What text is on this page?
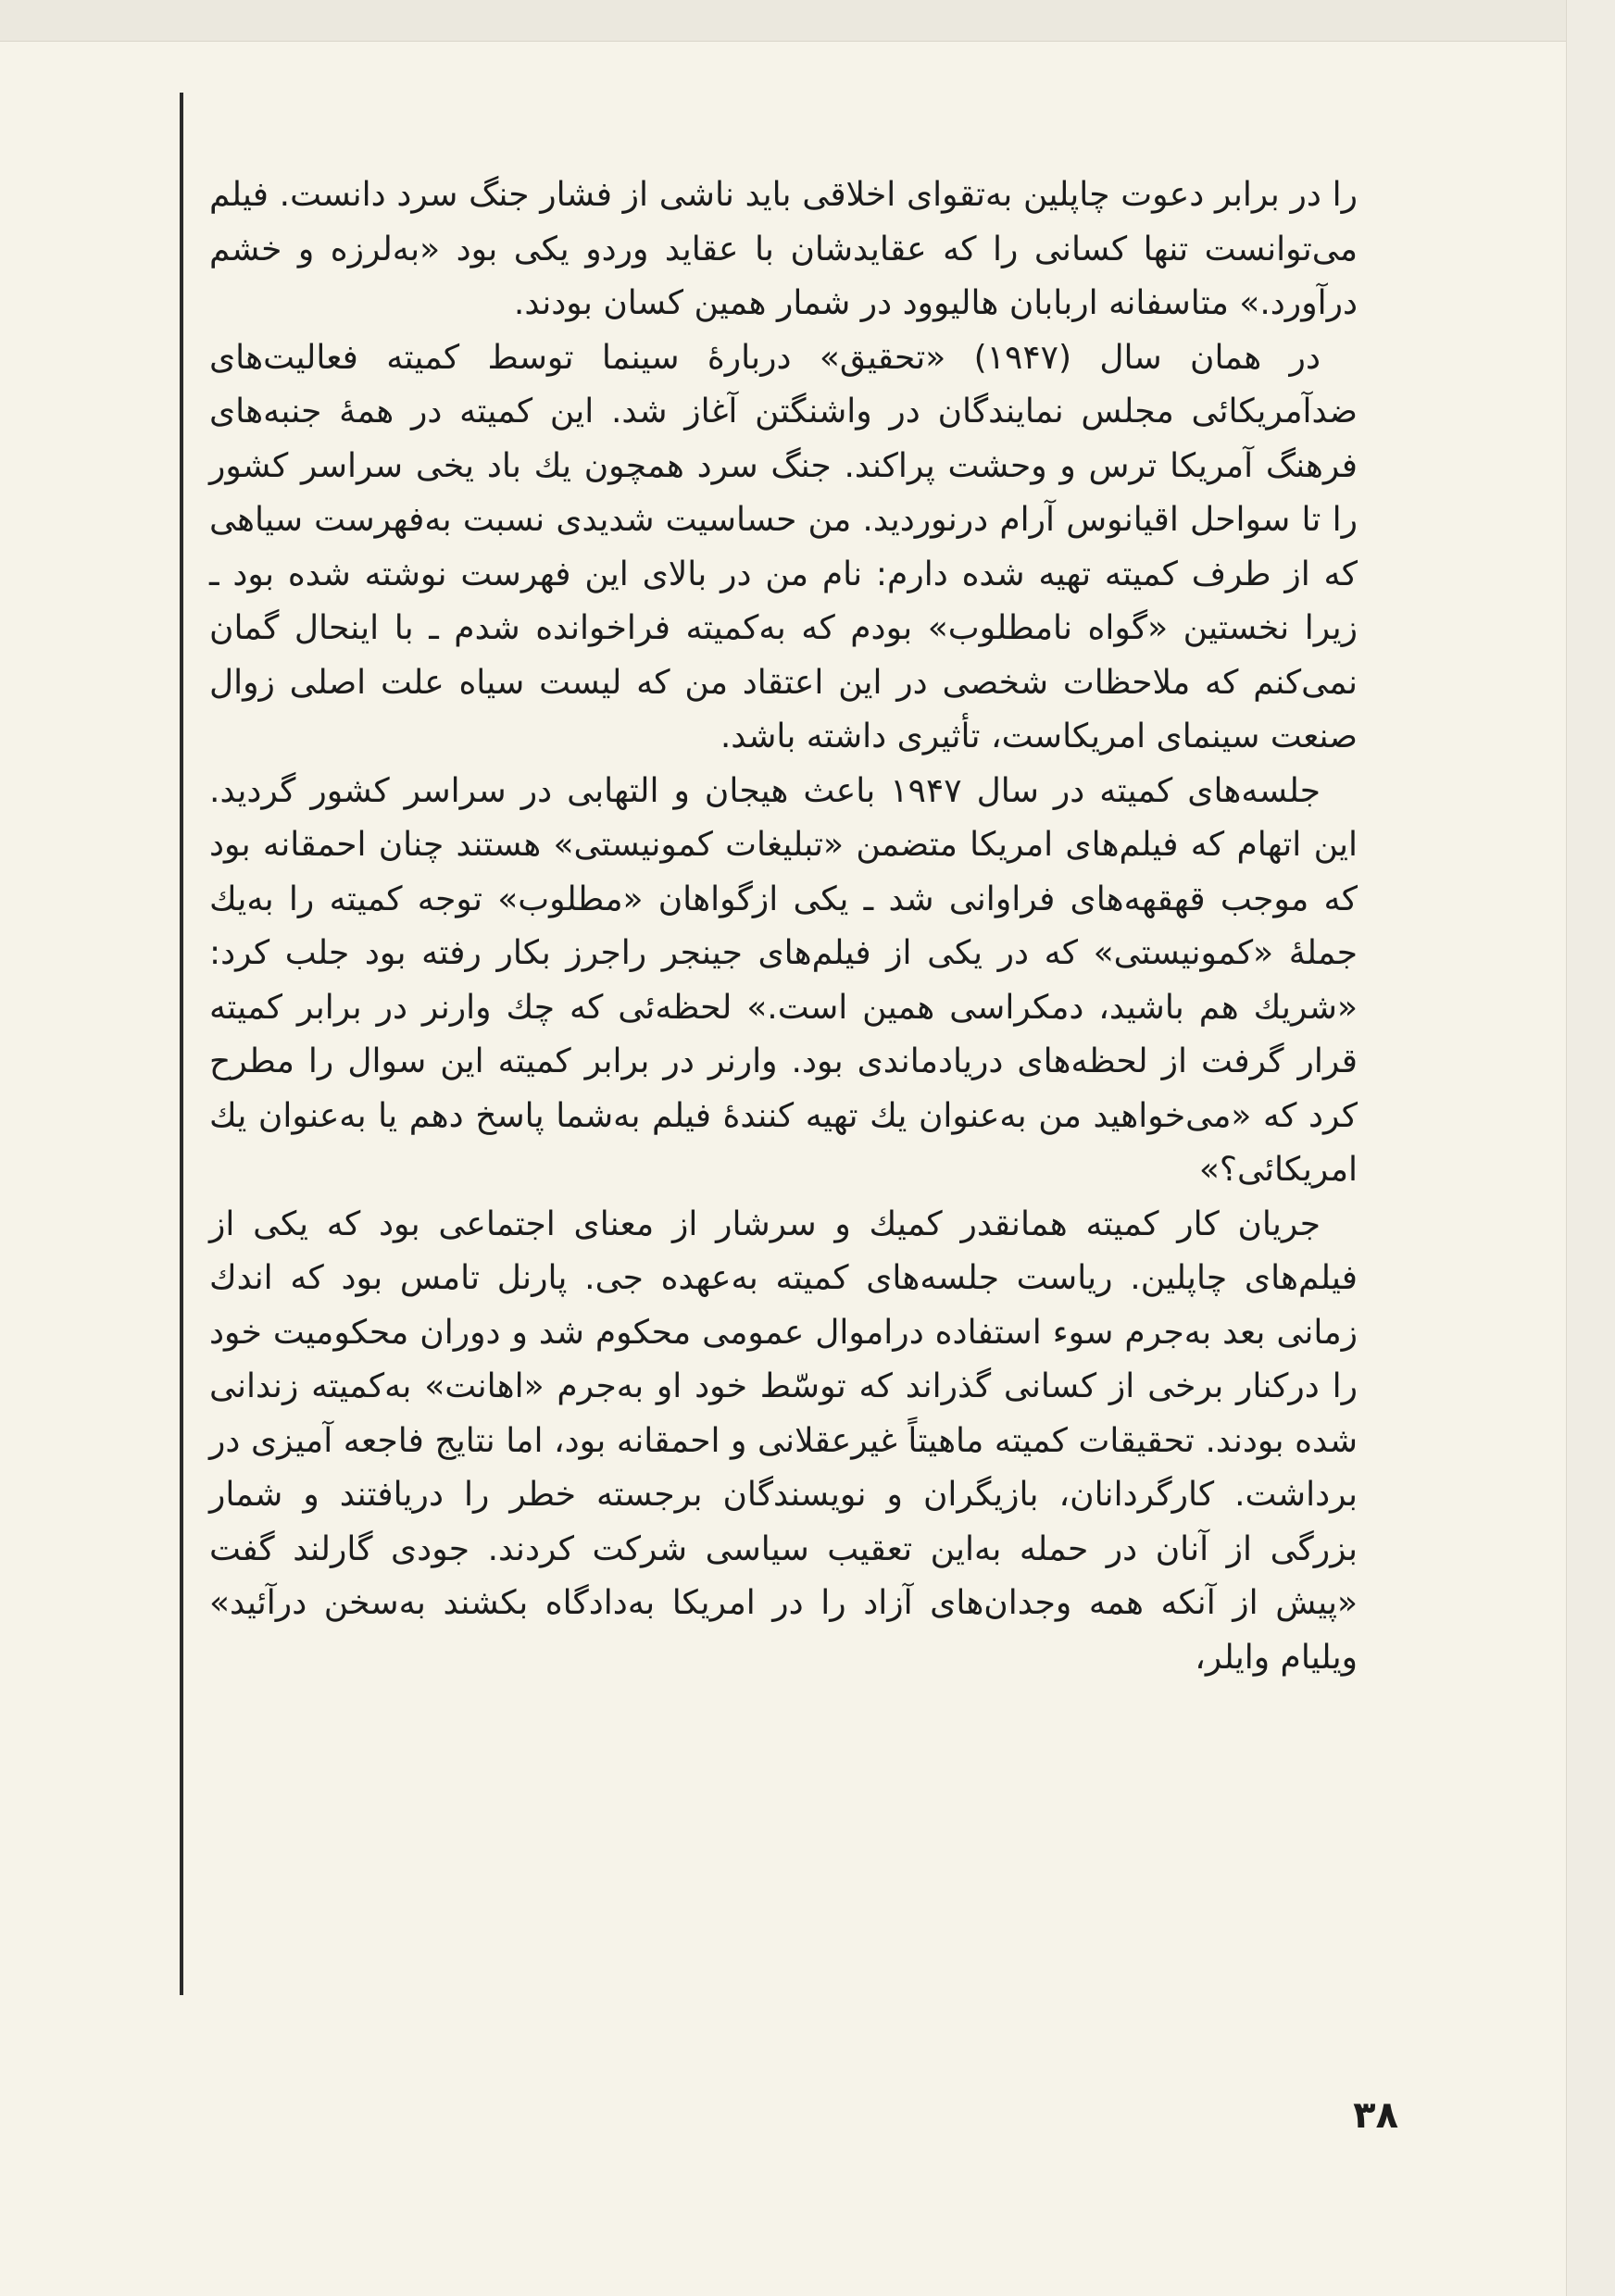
را در برابر دعوت چاپلین به‌تقوای اخلاقی باید ناشی از فشار جنگ سرد دانست. فیلم می‌توانست تنها کسانی را که عقایدشان با عقاید وردو یکی بود «به‌لرزه و خشم درآورد.» متاسفانه اربابان هالیوود در شمار همین کسان بودند.

در همان سال (۱۹۴۷) «تحقیق» دربارهٔ سینما توسط کمیته فعالیت‌های ضدآمریکائی مجلس نمایندگان در واشنگتن آغاز شد. این کمیته در همهٔ جنبه‌های فرهنگ آمریکا ترس و وحشت پراکند. جنگ سرد همچون یك باد یخی سراسر کشور را تا سواحل اقیانوس آرام درنوردید. من حساسیت شدیدی نسبت به‌فهرست سیاهی که از طرف کمیته تهیه شده دارم: نام من در بالای این فهرست نوشته شده بود ـ زیرا نخستین «گواه نامطلوب» بودم که به‌کمیته فراخوانده شدم ـ با اینحال گمان نمی‌کنم که ملاحظات شخصی در این اعتقاد من که لیست سیاه علت اصلی زوال صنعت سینمای امریکاست، تأثیری داشته باشد.

جلسه‌های کمیته در سال ۱۹۴۷ باعث هیجان و التهابی در سراسر کشور گردید. این اتهام که فیلم‌های امریکا متضمن «تبلیغات کمونیستی» هستند چنان احمقانه بود که موجب قهقهه‌های فراوانی شد ـ یکی ازگواهان «مطلوب» توجه کمیته را به‌یك جملهٔ «کمونیستی» که در یکی از فیلم‌های جینجر راجرز بکار رفته بود جلب کرد: «شریك هم باشید، دمکراسی همین است.» لحظه‌ئی که چك وارنر در برابر کمیته قرار گرفت از لحظه‌های دریادماندی بود. وارنر در برابر کمیته این سوال را مطرح کرد که «می‌خواهید من به‌عنوان یك تهیه کنندهٔ فیلم به‌شما پاسخ دهم یا به‌عنوان یك امریکائی؟»

جریان کار کمیته همانقدر کمیك و سرشار از معنای اجتماعی بود که یکی از فیلم‌های چاپلین. ریاست جلسه‌های کمیته به‌عهده جی. پارنل تامس بود که اندك زمانی بعد به‌جرم سوء استفاده دراموال عمومی محکوم شد و دوران محکومیت خود را درکنار برخی از کسانی گذراند که توسّط خود او به‌جرم «اهانت» به‌کمیته زندانی شده بودند. تحقیقات کمیته ماهیتاً غیرعقلانی و احمقانه بود، اما نتایج فاجعه آمیزی در برداشت. کارگردانان، بازیگران و نویسندگان برجسته خطر را دریافتند و شمار بزرگی از آنان در حمله به‌این تعقیب سیاسی شرکت کردند. جودی گارلند گفت «پیش از آنکه همه وجدان‌های آزاد را در امریکا به‌دادگاه بکشند به‌سخن درآئید» ویلیام وایلر،

۳۸
